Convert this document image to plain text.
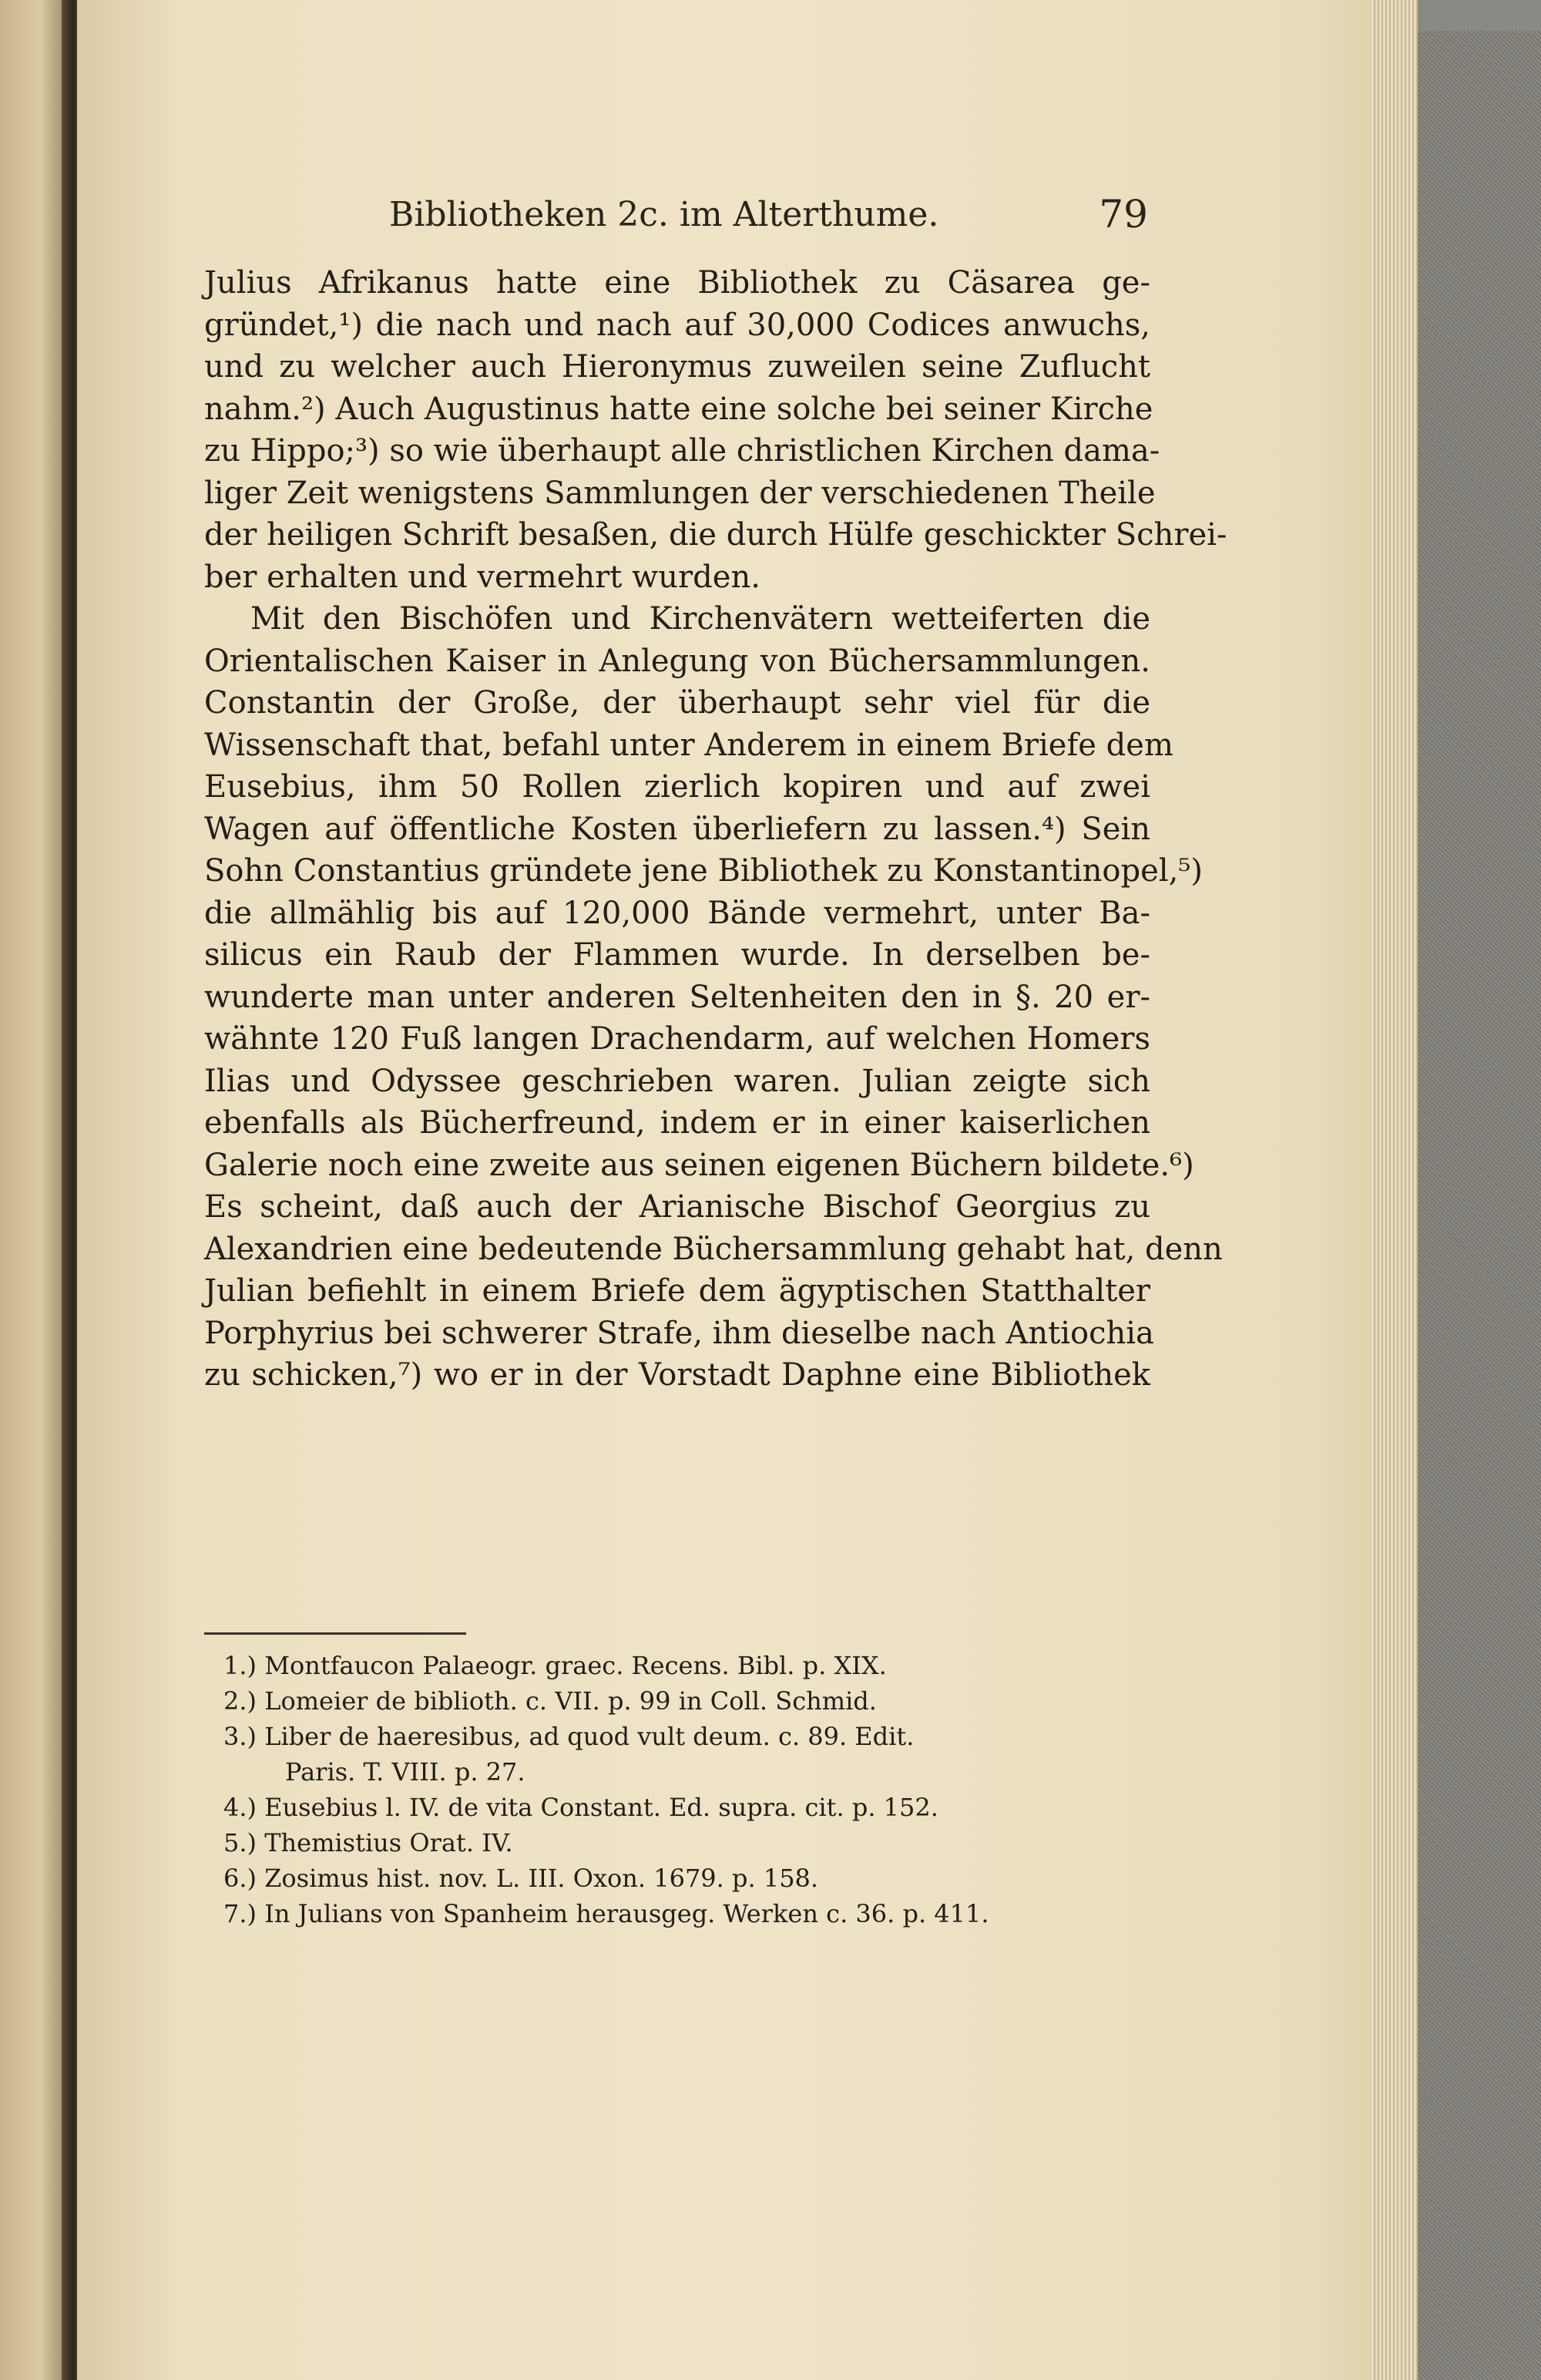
Bibliotheken 2c. im Alterthume.	79
Julius Afrikanus hatte eine Bibliothek zu Cäsarea ge-
gründet,¹) die nach und nach auf 30,000 Codices anwuchs,
und zu welcher auch Hieronymus zuweilen seine Zuflucht
nahm.²) Auch Augustinus hatte eine solche bei seiner Kirche
zu Hippo;³) so wie überhaupt alle christlichen Kirchen dama-
liger Zeit wenigstens Sammlungen der verschiedenen Theile
der heiligen Schrift besaßen, die durch Hülfe geschickter Schrei-
ber erhalten und vermehrt wurden.
Mit den Bischöfen und Kirchenvätern wetteiferten die
Orientalischen Kaiser in Anlegung von Büchersammlungen.
Constantin der Große, der überhaupt sehr viel für die
Wissenschaft that, befahl unter Anderem in einem Briefe dem
Eusebius, ihm 50 Rollen zierlich kopiren und auf zwei
Wagen auf öffentliche Kosten überliefern zu lassen.⁴) Sein
Sohn Constantius gründete jene Bibliothek zu Konstantinopel,⁵)
die allmählig bis auf 120,000 Bände vermehrt, unter Ba-
silicus ein Raub der Flammen wurde. In derselben be-
wunderte man unter anderen Seltenheiten den in §. 20 er-
wähnte 120 Fuß langen Drachendarm, auf welchen Homers
Ilias und Odyssee geschrieben waren. Julian zeigte sich
ebenfalls als Bücherfreund, indem er in einer kaiserlichen
Galerie noch eine zweite aus seinen eigenen Büchern bildete.⁶)
Es scheint, daß auch der Arianische Bischof Georgius zu
Alexandrien eine bedeutende Büchersammlung gehabt hat, denn
Julian befiehlt in einem Briefe dem ägyptischen Statthalter
Porphyrius bei schwerer Strafe, ihm dieselbe nach Antiochia
zu schicken,⁷) wo er in der Vorstadt Daphne eine Bibliothek
1.) Montfaucon Palaeogr. graec. Recens. Bibl. p. XIX.
2.) Lomeier de biblioth. c. VII. p. 99 in Coll. Schmid.
3.) Liber de haeresibus, ad quod vult deum. c. 89. Edit.
Paris. T. VIII. p. 27.
4.) Eusebius l. IV. de vita Constant. Ed. supra. cit. p. 152.
5.) Themistius Orat. IV.
6.) Zosimus hist. nov. L. III. Oxon. 1679. p. 158.
7.) In Julians von Spanheim herausgeg. Werken c. 36. p. 411.
